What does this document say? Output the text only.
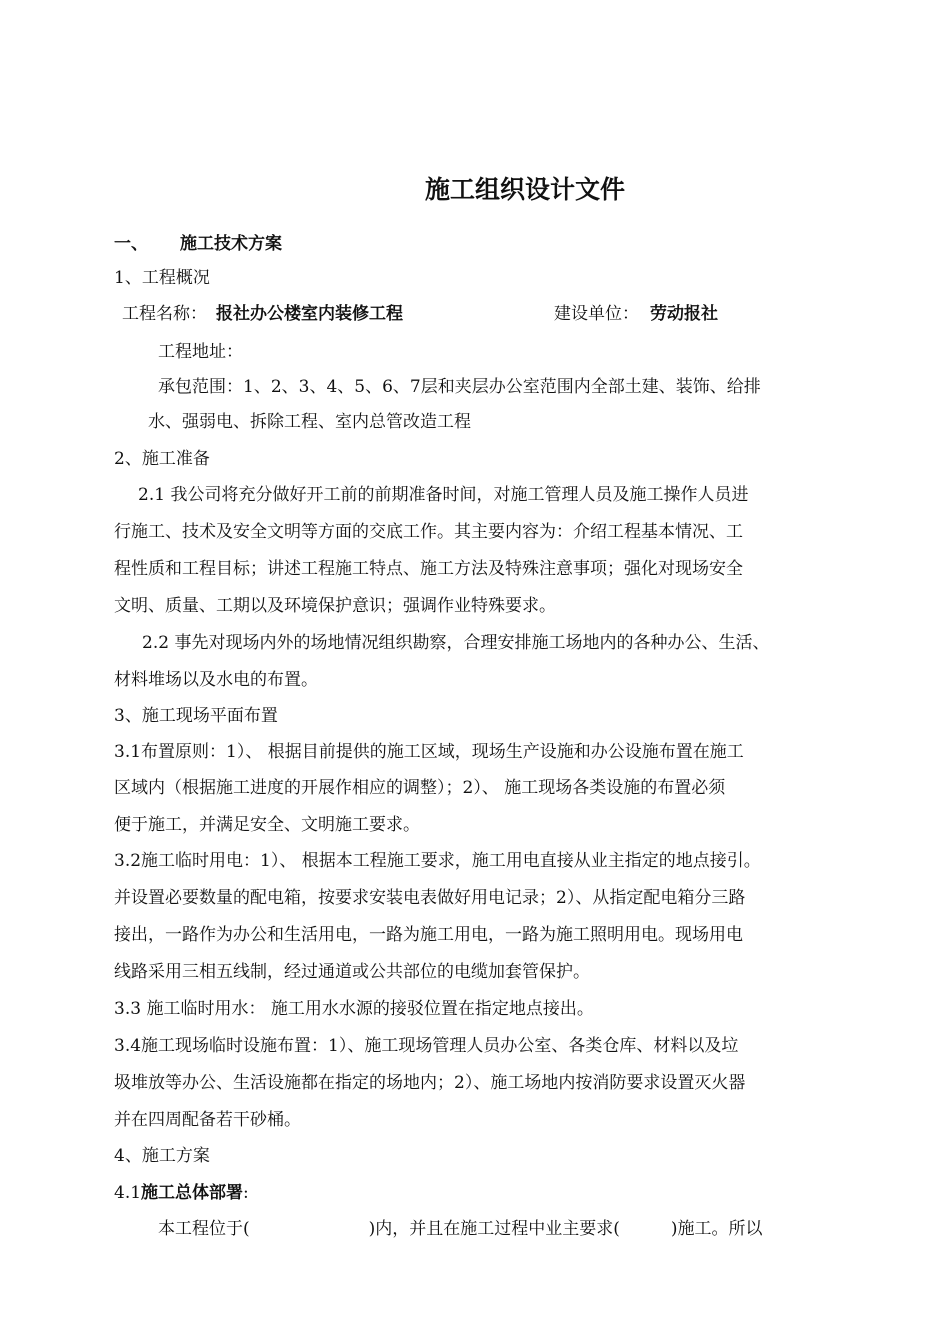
施工组织设计文件
一、 施工技术方案
1、工程概况
工程名称： 报社办公楼室内装修工程	建设单位： 劳动报社
工程地址：
承包范围：1、2、3、4、5、6、7层和夹层办公室范围内全部土建、装饰、给排
水、强弱电、拆除工程、室内总管改造工程
2、施工准备
2.1 我公司将充分做好开工前的前期准备时间，对施工管理人员及施工操作人员进
行施工、技术及安全文明等方面的交底工作。其主要内容为：介绍工程基本情况、工
程性质和工程目标；讲述工程施工特点、施工方法及特殊注意事项；强化对现场安全
文明、质量、工期以及环境保护意识；强调作业特殊要求。
2.2 事先对现场内外的场地情况组织勘察，合理安排施工场地内的各种办公、生活、
材料堆场以及水电的布置。
3、施工现场平面布置
3.1布置原则：1）、 根据目前提供的施工区域，现场生产设施和办公设施布置在施工
区域内（根据施工进度的开展作相应的调整）；2）、 施工现场各类设施的布置必须
便于施工，并满足安全、文明施工要求。
3.2施工临时用电：1）、 根据本工程施工要求，施工用电直接从业主指定的地点接引。
并设置必要数量的配电箱，按要求安装电表做好用电记录；2）、从指定配电箱分三路
接出，一路作为办公和生活用电，一路为施工用电，一路为施工照明用电。现场用电
线路采用三相五线制，经过通道或公共部位的电缆加套管保护。
3.3 施工临时用水： 施工用水水源的接驳位置在指定地点接出。
3.4施工现场临时设施布置：1）、施工现场管理人员办公室、各类仓库、材料以及垃
圾堆放等办公、生活设施都在指定的场地内；2）、施工场地内按消防要求设置灭火器
并在四周配备若干砂桶。
4、施工方案
4.1施工总体部署:
本工程位于(　　　　　　　)内，并且在施工过程中业主要求(　　　)施工。所以
